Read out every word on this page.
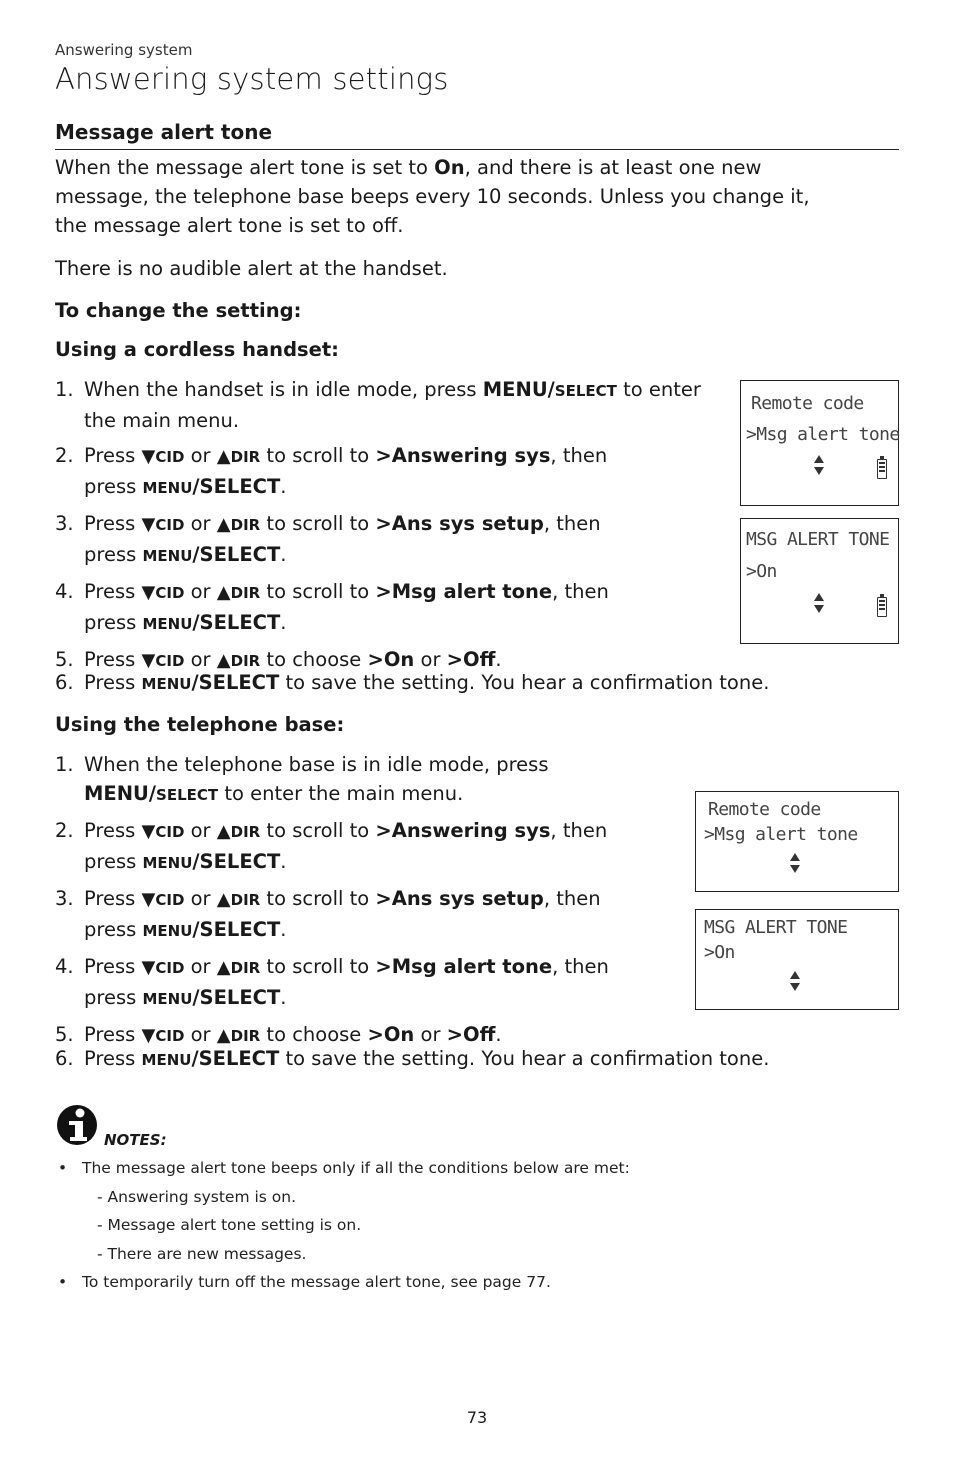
Answering system
Answering system settings
Message alert tone
When the message alert tone is set to On, and there is at least one new
message, the telephone base beeps every 10 seconds. Unless you change it,
the message alert tone is set to off.
There is no audible alert at the handset.
To change the setting:
Using a cordless handset:
1. When the handset is in idle mode, press MENU/SELECT to enter
the main menu.
2. Press ▼CID or ▲DIR to scroll to >Answering sys, then
press MENU/SELECT.
3. Press ▼CID or ▲DIR to scroll to >Ans sys setup, then
press MENU/SELECT.
4. Press ▼CID or ▲DIR to scroll to >Msg alert tone, then
press MENU/SELECT.
5. Press ▼CID or ▲DIR to choose >On or >Off.
6. Press MENU/SELECT to save the setting. You hear a confirmation tone.
Remote code
>Msg alert tone
MSG ALERT TONE
>On
Using the telephone base:
1. When the telephone base is in idle mode, press
MENU/SELECT to enter the main menu.
2. Press ▼CID or ▲DIR to scroll to >Answering sys, then
press MENU/SELECT.
3. Press ▼CID or ▲DIR to scroll to >Ans sys setup, then
press MENU/SELECT.
4. Press ▼CID or ▲DIR to scroll to >Msg alert tone, then
press MENU/SELECT.
5. Press ▼CID or ▲DIR to choose >On or >Off.
6. Press MENU/SELECT to save the setting. You hear a confirmation tone.
Remote code
>Msg alert tone
MSG ALERT TONE
>On
NOTES:
• The message alert tone beeps only if all the conditions below are met:
- Answering system is on.
- Message alert tone setting is on.
- There are new messages.
• To temporarily turn off the message alert tone, see page 77.
73
